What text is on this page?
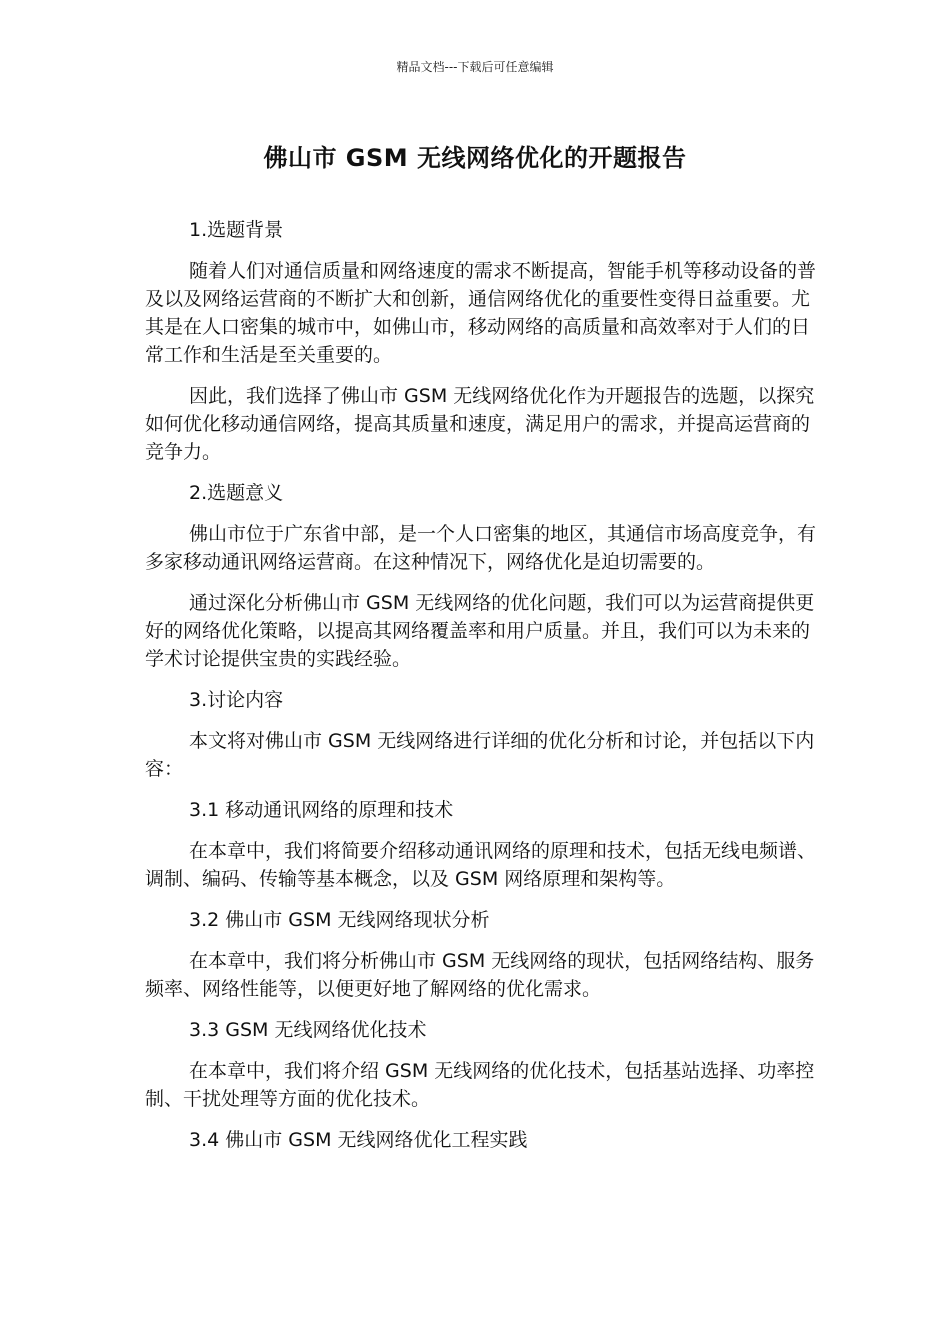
精品文档---下载后可任意编辑
佛山市 GSM 无线网络优化的开题报告

1.选题背景

随着人们对通信质量和网络速度的需求不断提高，智能手机等移动设备的普及以及网络运营商的不断扩大和创新，通信网络优化的重要性变得日益重要。尤其是在人口密集的城市中，如佛山市，移动网络的高质量和高效率对于人们的日常工作和生活是至关重要的。

因此，我们选择了佛山市 GSM 无线网络优化作为开题报告的选题，以探究如何优化移动通信网络，提高其质量和速度，满足用户的需求，并提高运营商的竞争力。

2.选题意义

佛山市位于广东省中部，是一个人口密集的地区，其通信市场高度竞争，有多家移动通讯网络运营商。在这种情况下，网络优化是迫切需要的。

通过深化分析佛山市 GSM 无线网络的优化问题，我们可以为运营商提供更好的网络优化策略，以提高其网络覆盖率和用户质量。并且，我们可以为未来的学术讨论提供宝贵的实践经验。

3.讨论内容

本文将对佛山市 GSM 无线网络进行详细的优化分析和讨论，并包括以下内容：

3.1 移动通讯网络的原理和技术

在本章中，我们将简要介绍移动通讯网络的原理和技术，包括无线电频谱、调制、编码、传输等基本概念，以及 GSM 网络原理和架构等。

3.2 佛山市 GSM 无线网络现状分析

在本章中，我们将分析佛山市 GSM 无线网络的现状，包括网络结构、服务频率、网络性能等，以便更好地了解网络的优化需求。

3.3 GSM 无线网络优化技术

在本章中，我们将介绍 GSM 无线网络的优化技术，包括基站选择、功率控制、干扰处理等方面的优化技术。

3.4 佛山市 GSM 无线网络优化工程实践
